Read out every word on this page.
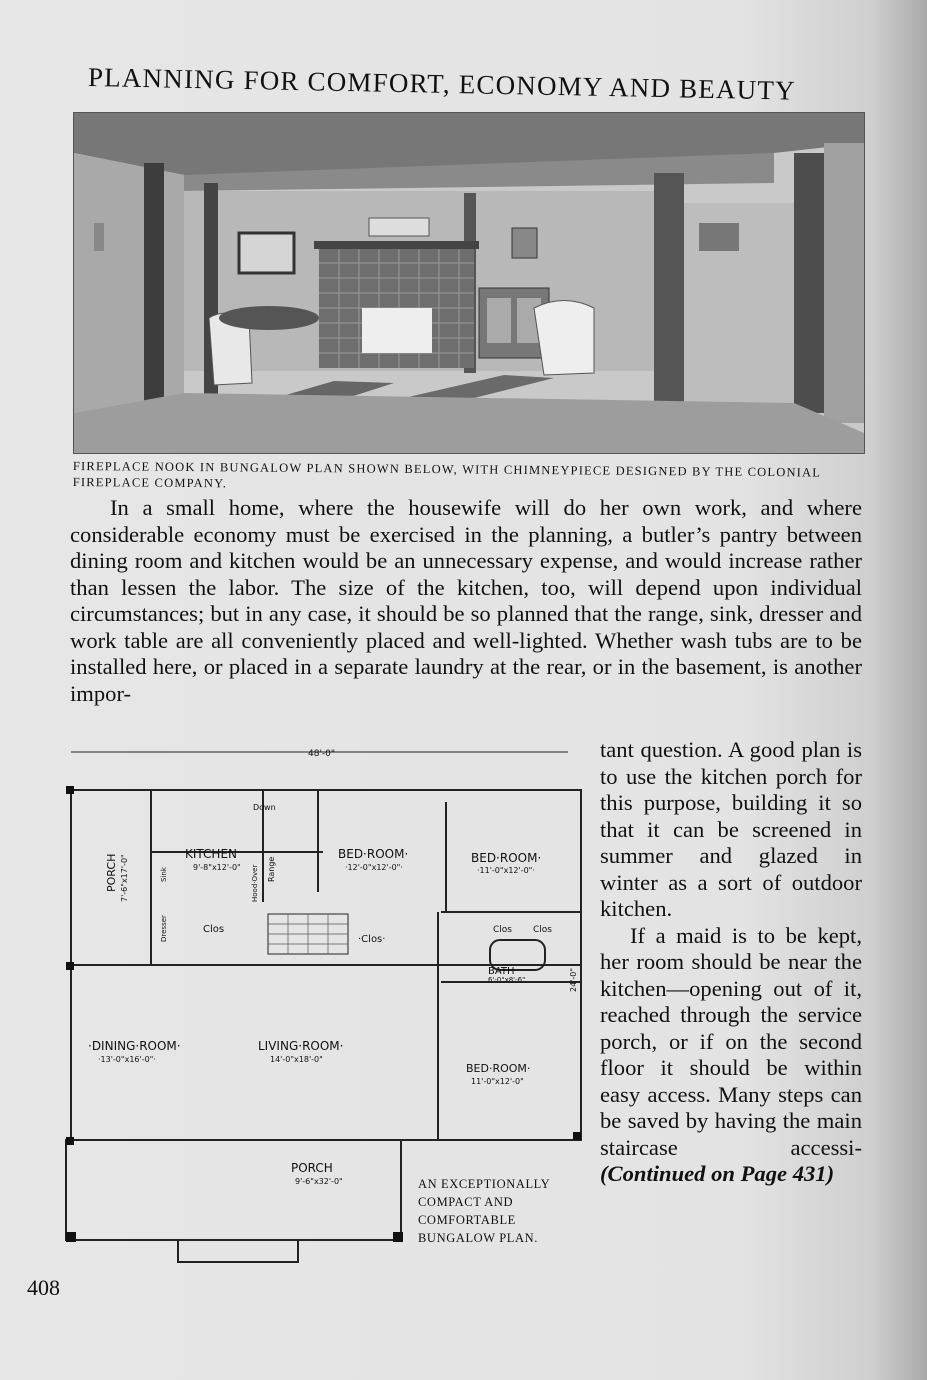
PLANNING FOR COMFORT, ECONOMY AND BEAUTY
FIREPLACE NOOK IN BUNGALOW PLAN SHOWN BELOW, WITH CHIMNEYPIECE DESIGNED BY THE COLONIAL FIREPLACE COMPANY.

In a small home, where the housewife will do her own work, and where considerable economy must be exercised in the planning, a butler’s pantry between dining room and kitchen would be an unnecessary expense, and would increase rather than lessen the labor. The size of the kitchen, too, will depend upon individual circumstances; but in any case, it should be so planned that the range, sink, dresser and work table are all conveniently placed and well-lighted. Whether wash tubs are to be installed here, or placed in a separate laundry at the rear, or in the basement, is another impor-

48'-0"
KITCHEN
9'-8"x12'-0"
BED·ROOM·
·12'-0"x12'-0"·
BED·ROOM·
·11'-0"x12'-0"·
BED·ROOM·
11'-0"x12'-0"
·DINING·ROOM·
·13'-0"x16'-0"·
LIVING·ROOM·
14'-0"x18'-0"
BATH·
6'-0"x8'-6"
Clos
·Clos·
Clos Clos
Down
PORCH
9'-6"x32'-0"
PORCH 7'-6"x17'-0"	Range
Hood·Over
Sink
Dresser
24'-0"
AN EXCEPTIONALLY COMPACT AND COMFORTABLE BUNGALOW PLAN.

tant question. A good plan is to use the kitchen porch for this purpose, building it so that it can be screened in summer and glazed in winter as a sort of outdoor kitchen.

If a maid is to be kept, her room should be near the kitchen—opening out of it, reached through the service porch, or if on the second floor it should be within easy access. Many steps can be saved by having the main staircase accessi- (Continued on Page 431)

408
